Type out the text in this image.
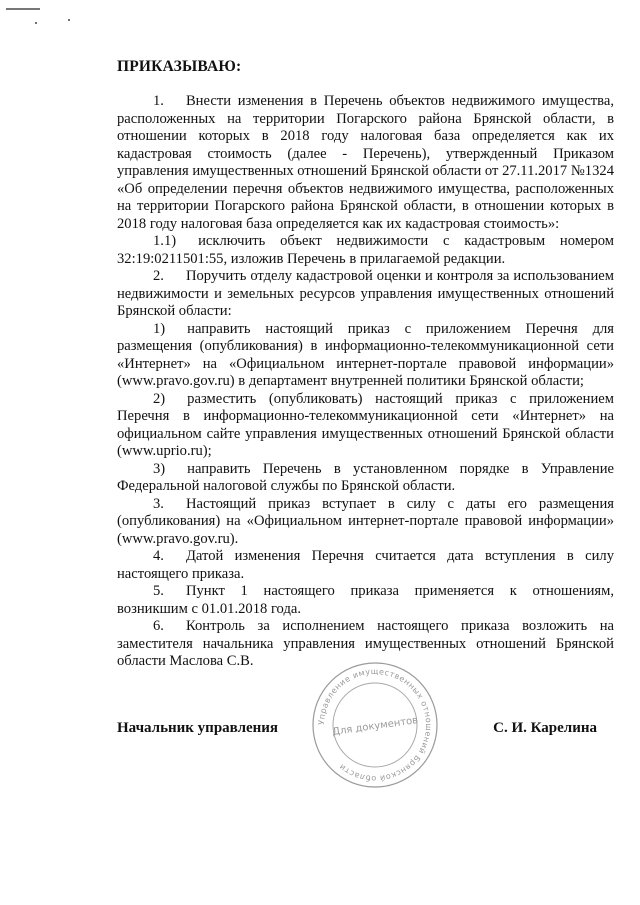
ПРИКАЗЫВАЮ:

1. Внести изменения в Перечень объектов недвижимого имущества, расположенных на территории Погарского района Брянской области, в отношении которых в 2018 году налоговая база определяется как их кадастровая стоимость (далее - Перечень), утвержденный Приказом управления имущественных отношений Брянской области от 27.11.2017 №1324 «Об определении перечня объектов недвижимого имущества, расположенных на территории Погарского района Брянской области, в отношении которых в 2018 году налоговая база определяется как их кадастровая стоимость»:

1.1) исключить объект недвижимости с кадастровым номером 32:19:0211501:55, изложив Перечень в прилагаемой редакции.

2. Поручить отделу кадастровой оценки и контроля за использованием недвижимости и земельных ресурсов управления имущественных отношений Брянской области:

1) направить настоящий приказ с приложением Перечня для размещения (опубликования) в информационно-телекоммуникационной сети «Интернет» на «Официальном интернет-портале правовой информации» (www.pravo.gov.ru) в департамент внутренней политики Брянской области;

2) разместить (опубликовать) настоящий приказ с приложением Перечня в информационно-телекоммуникационной сети «Интернет» на официальном сайте управления имущественных отношений Брянской области (www.uprio.ru);

3) направить Перечень в установленном порядке в Управление Федеральной налоговой службы по Брянской области.

3. Настоящий приказ вступает в силу с даты его размещения (опубликования) на «Официальном интернет-портале правовой информации» (www.pravo.gov.ru).

4. Датой изменения Перечня считается дата вступления в силу настоящего приказа.

5. Пункт 1 настоящего приказа применяется к отношениям, возникшим с 01.01.2018 года.

6. Контроль за исполнением настоящего приказа возложить на заместителя начальника управления имущественных отношений Брянской области Маслова С.В.

Управление имущественных отношений Брянской области
Для документов
Начальник управления	С. И. Карелина
